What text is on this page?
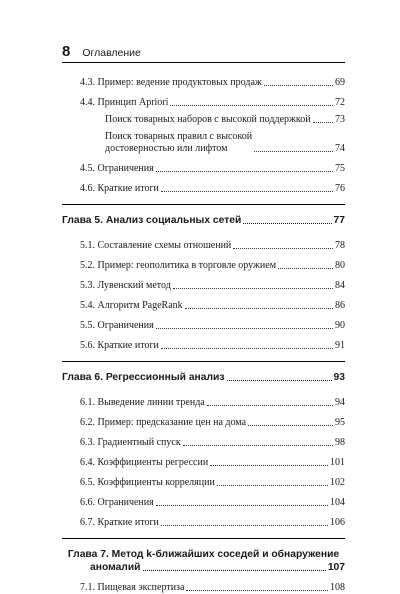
8 Оглавление
4.3. Пример: ведение продуктовых продаж	69
4.4. Принцип Apriori	72
Поиск товарных наборов с высокой поддержкой 73
Поиск товарных правил с высокой
достоверностью или лифтом	74
4.5. Ограничения	75
4.6. Краткие итоги	76
Глава 5. Анализ социальных сетей	77
5.1. Составление схемы отношений	78
5.2. Пример: геополитика в торговле оружием	80
5.3. Лувенский метод	84
5.4. Алгоритм PageRank	86
5.5. Ограничения	90
5.6. Краткие итоги	91
Глава 6. Регрессионный анализ	93
6.1. Выведение линии тренда	94
6.2. Пример: предсказание цен на дома	95
6.3. Градиентный спуск	98
6.4. Коэффициенты регрессии	101
6.5. Коэффициенты корреляции	102
6.6. Ограничения	104
6.7. Краткие итоги	106
Глава 7. Метод k-ближайших соседей и обнаружение
аномалий	107
7.1. Пищевая экспертиза	108
